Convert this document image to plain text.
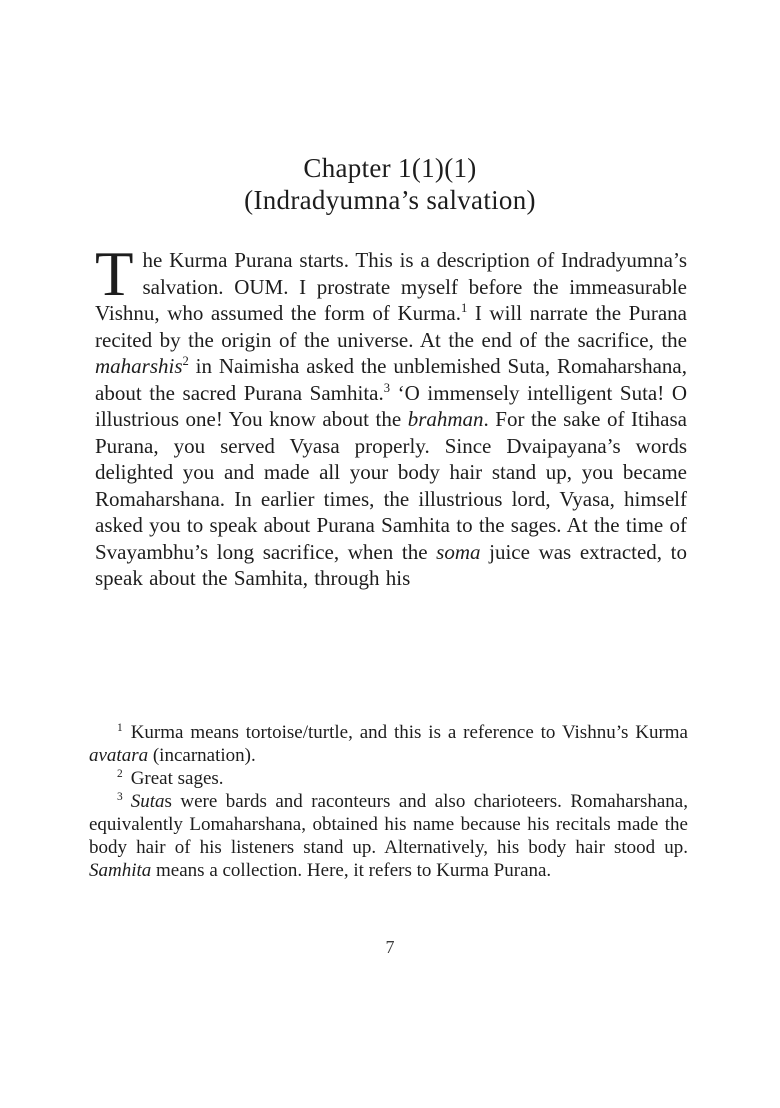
Chapter 1(1)(1)
(Indradyumna’s salvation)

The Kurma Purana starts. This is a description of Indradyumna’s salvation. OUM. I prostrate myself before the immeasurable Vishnu, who assumed the form of Kurma.$^1$ I will narrate the Purana recited by the origin of the universe. At the end of the sacrifice, the maharshis$^2$ in Naimisha asked the unblemished Suta, Romaharshana, about the sacred Purana Samhita.$^3$ ‘O immensely intelligent Suta! O illustrious one! You know about the brahman. For the sake of Itihasa Purana, you served Vyasa properly. Since Dvaipayana’s words delighted you and made all your body hair stand up, you became Romaharshana. In earlier times, the illustrious lord, Vyasa, himself asked you to speak about Purana Samhita to the sages. At the time of Svayambhu’s long sacrifice, when the soma juice was extracted, to speak about the Samhita, through his

$^1$ Kurma means tortoise/turtle, and this is a reference to Vishnu’s Kurma avatara (incarnation).

$^2$ Great sages.

$^3$ Sutas were bards and raconteurs and also charioteers. Romaharshana, equivalently Lomaharshana, obtained his name because his recitals made the body hair of his listeners stand up. Alternatively, his body hair stood up. Samhita means a collection. Here, it refers to Kurma Purana.

7
